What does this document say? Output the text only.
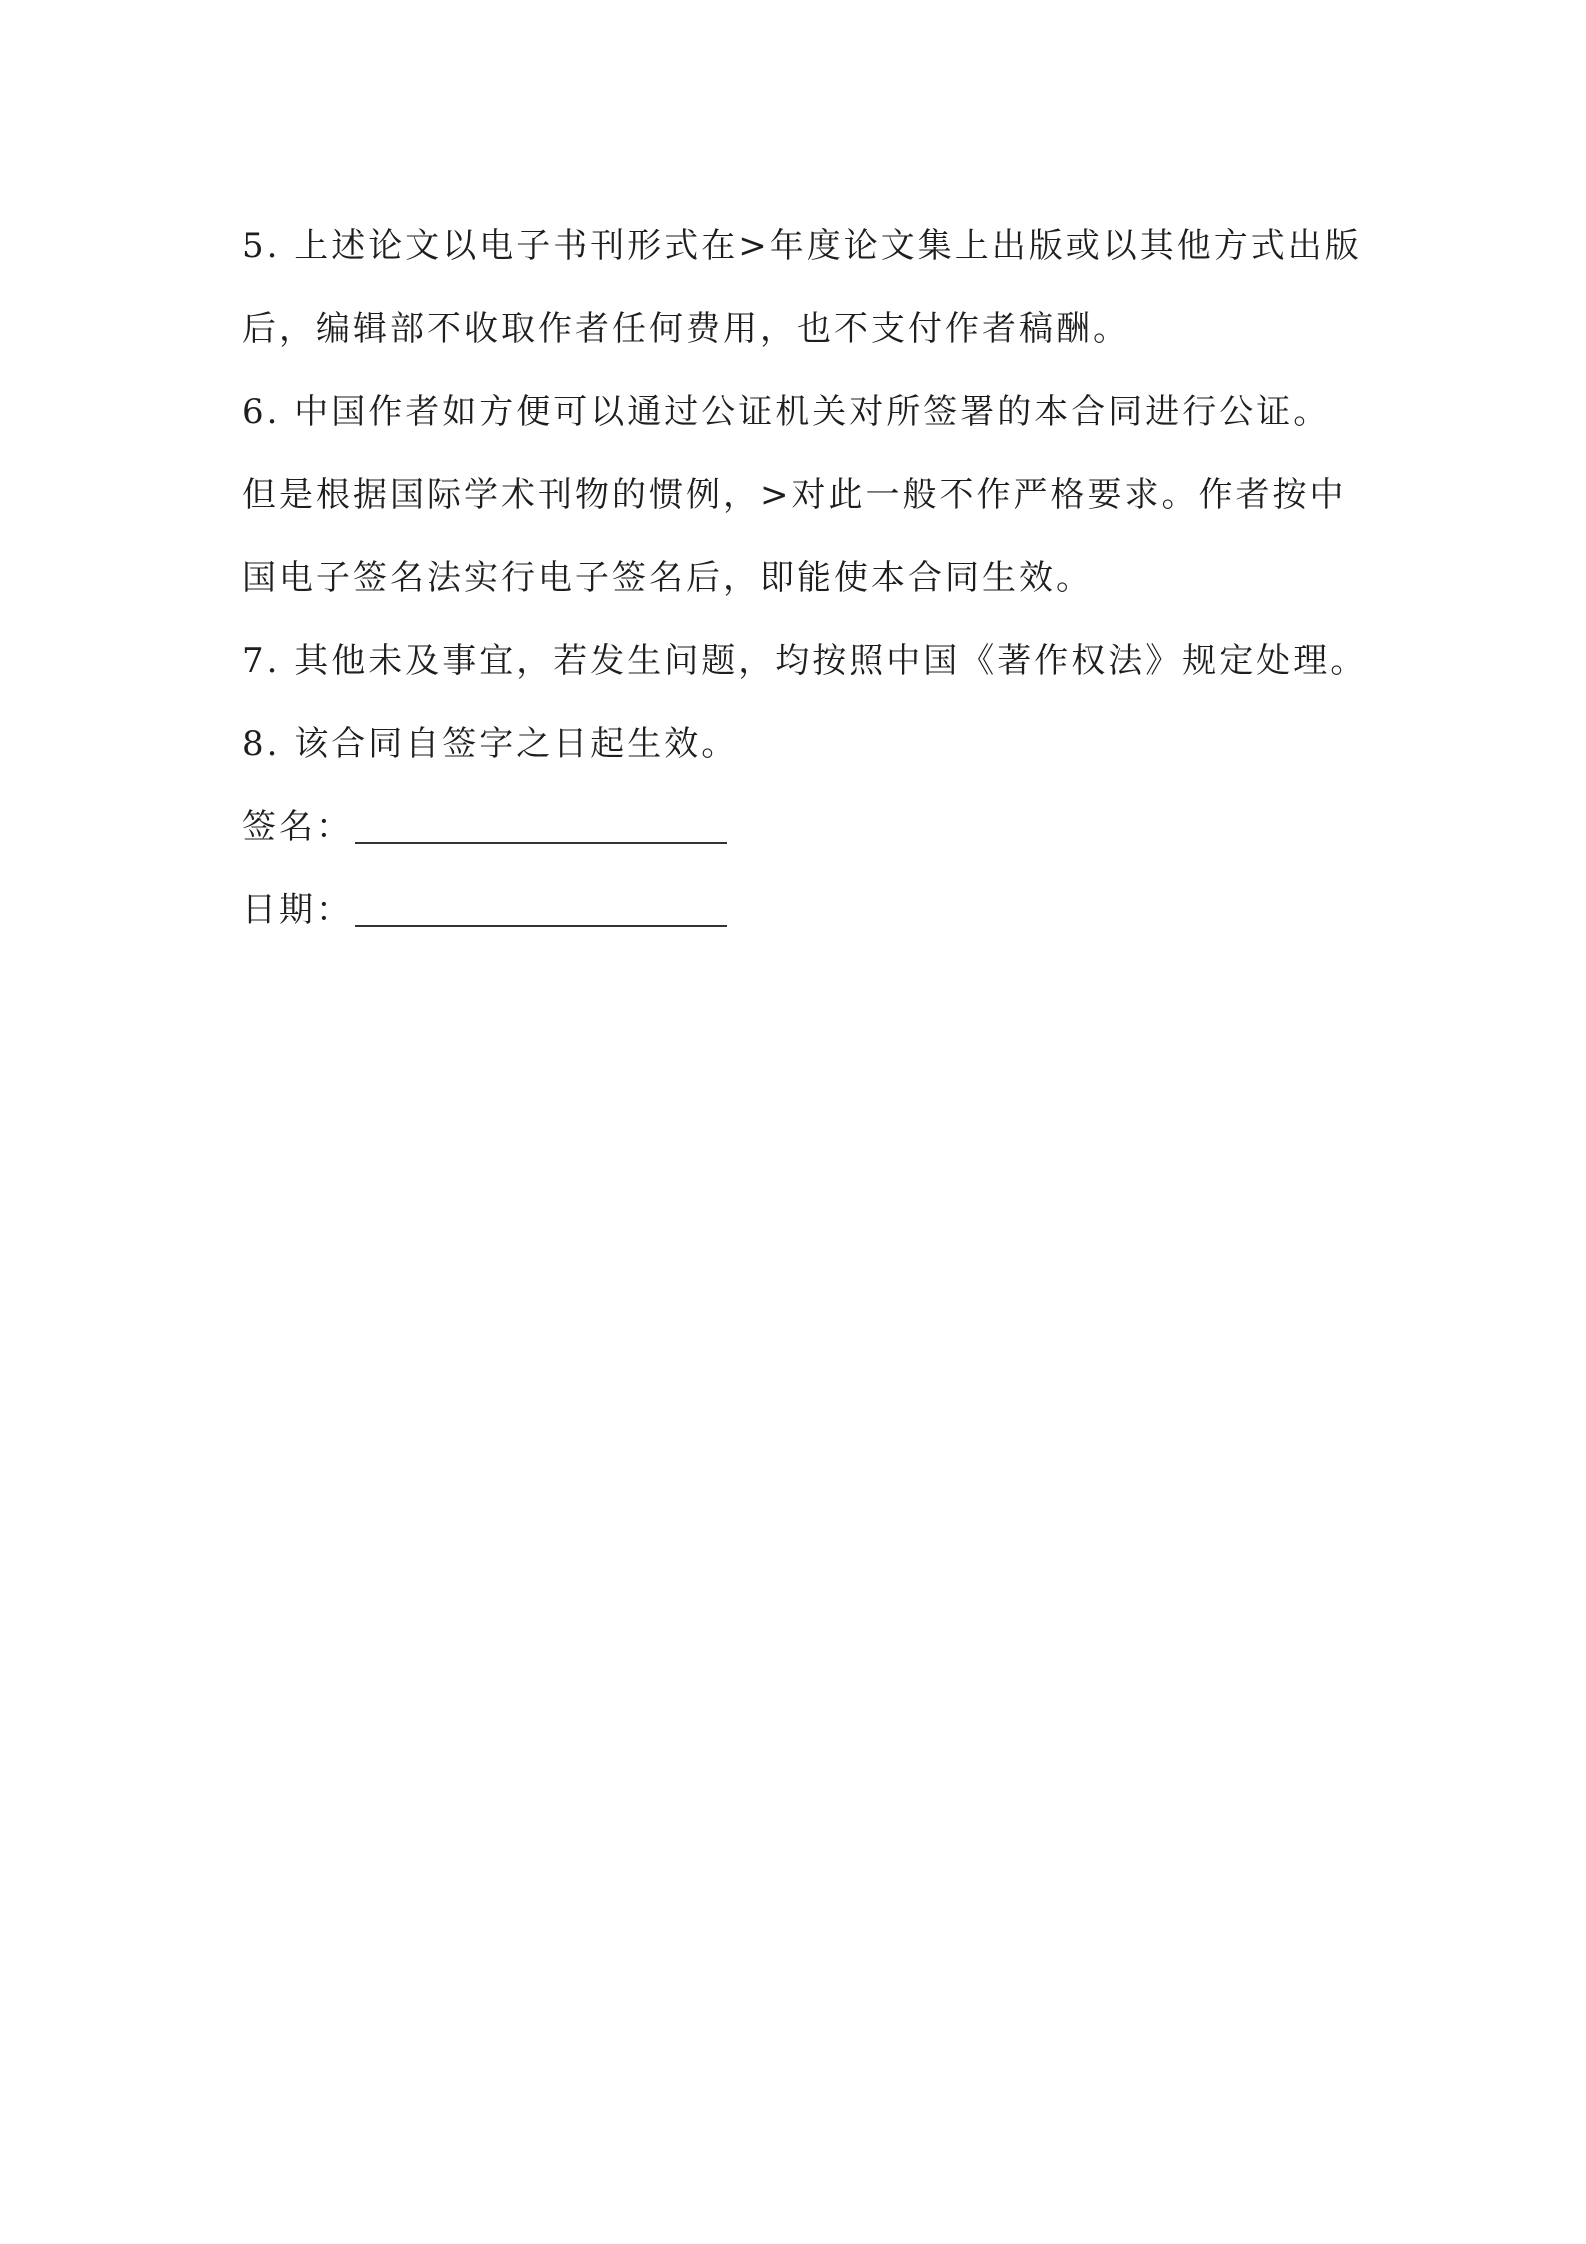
5. 上述论文以电子书刊形式在>年度论文集上出版或以其他方式出版
后，编辑部不收取作者任何费用，也不支付作者稿酬。
6. 中国作者如方便可以通过公证机关对所签署的本合同进行公证。
但是根据国际学术刊物的惯例，>对此一般不作严格要求。作者按中
国电子签名法实行电子签名后，即能使本合同生效。
7. 其他未及事宜，若发生问题，均按照中国《著作权法》规定处理。
8. 该合同自签字之日起生效。
签名：
日期：
